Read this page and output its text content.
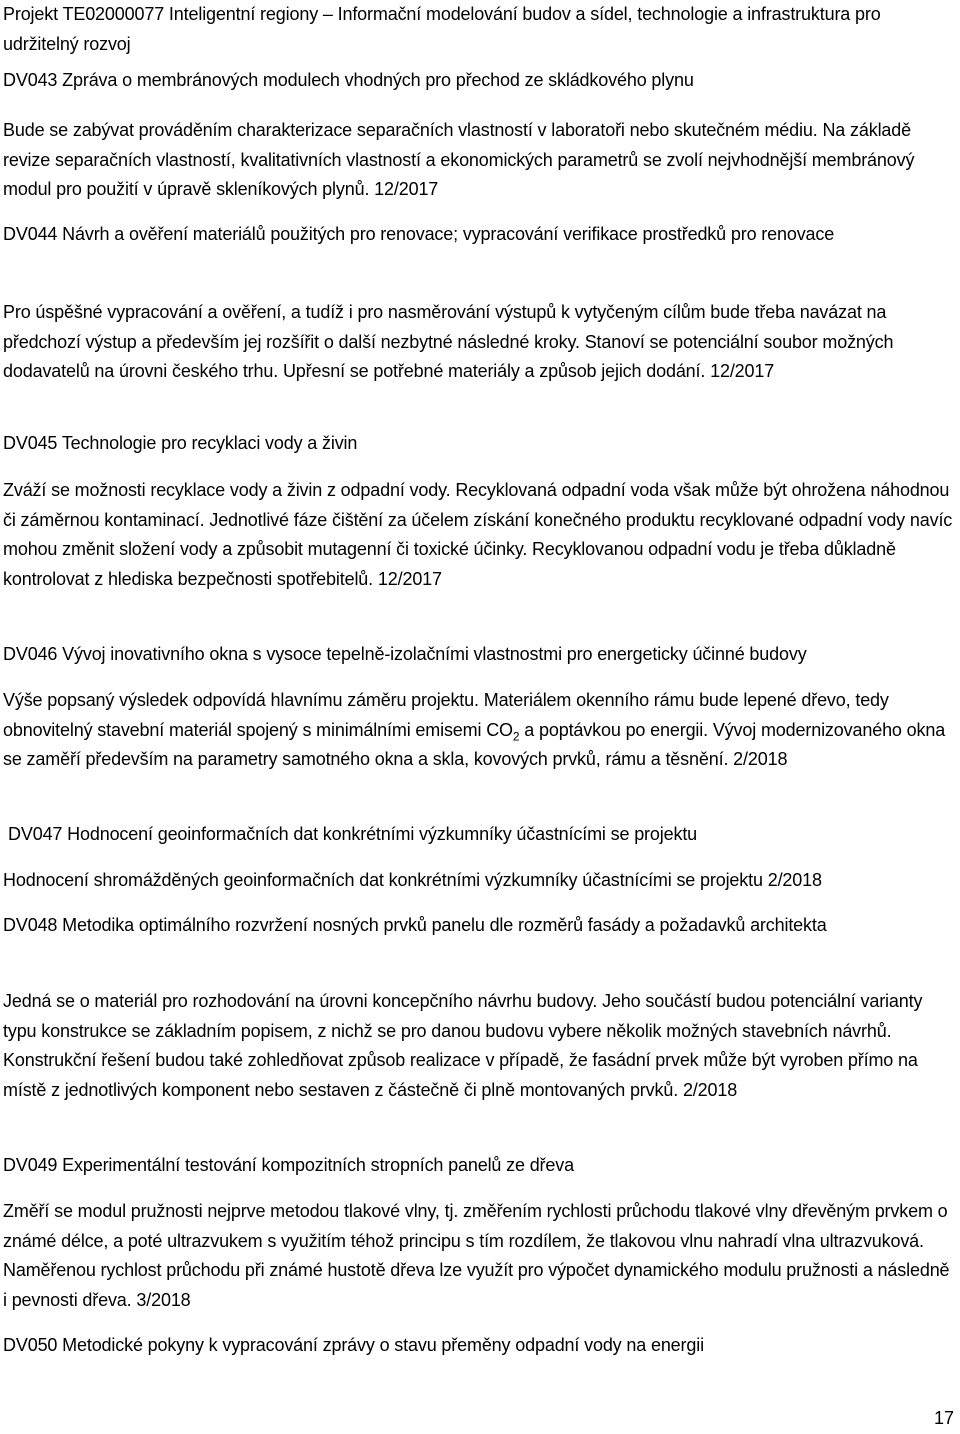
Projekt TE02000077 Inteligentní regiony – Informační modelování budov a sídel, technologie a infrastruktura pro udržitelný rozvoj
DV043 Zpráva o membránových modulech vhodných pro přechod ze skládkového plynu
Bude se zabývat prováděním charakterizace separačních vlastností v laboratoři nebo skutečném médiu. Na základě revize separačních vlastností, kvalitativních vlastností a ekonomických parametrů se zvolí nejvhodnější membránový modul pro použití v úpravě skleníkových plynů. 12/2017
DV044 Návrh a ověření materiálů použitých pro renovace; vypracování verifikace prostředků pro renovace
Pro úspěšné vypracování a ověření, a tudíž i pro nasměrování výstupů k vytyčeným cílům bude třeba navázat na předchozí výstup a především jej rozšířit o další nezbytné následné kroky. Stanoví se potenciální soubor možných dodavatelů na úrovni českého trhu. Upřesní se potřebné materiály a způsob jejich dodání. 12/2017
DV045 Technologie pro recyklaci vody a živin
Zváží se možnosti recyklace vody a živin z odpadní vody. Recyklovaná odpadní voda však může být ohrožena náhodnou či záměrnou kontaminací. Jednotlivé fáze čištění za účelem získání konečného produktu recyklované odpadní vody navíc mohou změnit složení vody a způsobit mutagenní či toxické účinky. Recyklovanou odpadní vodu je třeba důkladně kontrolovat z hlediska bezpečnosti spotřebitelů. 12/2017
DV046 Vývoj inovativního okna s vysoce tepelně-izolačními vlastnostmi pro energeticky účinné budovy
Výše popsaný výsledek odpovídá hlavnímu záměru projektu. Materiálem okenního rámu bude lepené dřevo, tedy obnovitelný stavební materiál spojený s minimálními emisemi $CO_2$ a poptávkou po energii. Vývoj modernizovaného okna se zaměří především na parametry samotného okna a skla, kovových prvků, rámu a těsnění. 2/2018
DV047 Hodnocení geoinformačních dat konkrétními výzkumníky účastnícími se projektu
Hodnocení shromážděných geoinformačních dat konkrétními výzkumníky účastnícími se projektu 2/2018
DV048 Metodika optimálního rozvržení nosných prvků panelu dle rozměrů fasády a požadavků architekta
Jedná se o materiál pro rozhodování na úrovni koncepčního návrhu budovy. Jeho součástí budou potenciální varianty typu konstrukce se základním popisem, z nichž se pro danou budovu vybere několik možných stavebních návrhů. Konstrukční řešení budou také zohledňovat způsob realizace v případě, že fasádní prvek může být vyroben přímo na místě z jednotlivých komponent nebo sestaven z částečně či plně montovaných prvků. 2/2018
DV049 Experimentální testování kompozitních stropních panelů ze dřeva
Změří se modul pružnosti nejprve metodou tlakové vlny, tj. změřením rychlosti průchodu tlakové vlny dřevěným prvkem o známé délce, a poté ultrazvukem s využitím téhož principu s tím rozdílem, že tlakovou vlnu nahradí vlna ultrazvuková. Naměřenou rychlost průchodu při známé hustotě dřeva lze využít pro výpočet dynamického modulu pružnosti a následně i pevnosti dřeva. 3/2018
DV050 Metodické pokyny k vypracování zprávy o stavu přeměny odpadní vody na energii
17
